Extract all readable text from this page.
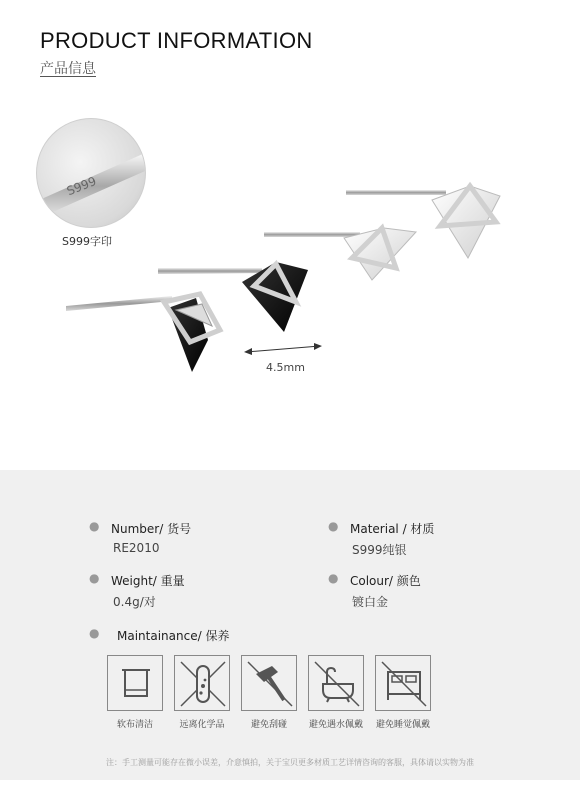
PRODUCT INFORMATION
产品信息
S999
S999字印
4.5mm
● Number/ 货号
RE2010
● Material / 材质
S999纯银
● Weight/ 重量
0.4g/对
● Colour/ 颜色
镀白金
● Maintainance/ 保养
软布清洁	远离化学品	避免刮碰	避免遇水佩戴	避免睡觉佩戴
注：手工测量可能存在微小误差，介意慎拍，关于宝贝更多材质工艺详情咨询的客服，具体请以实物为准
